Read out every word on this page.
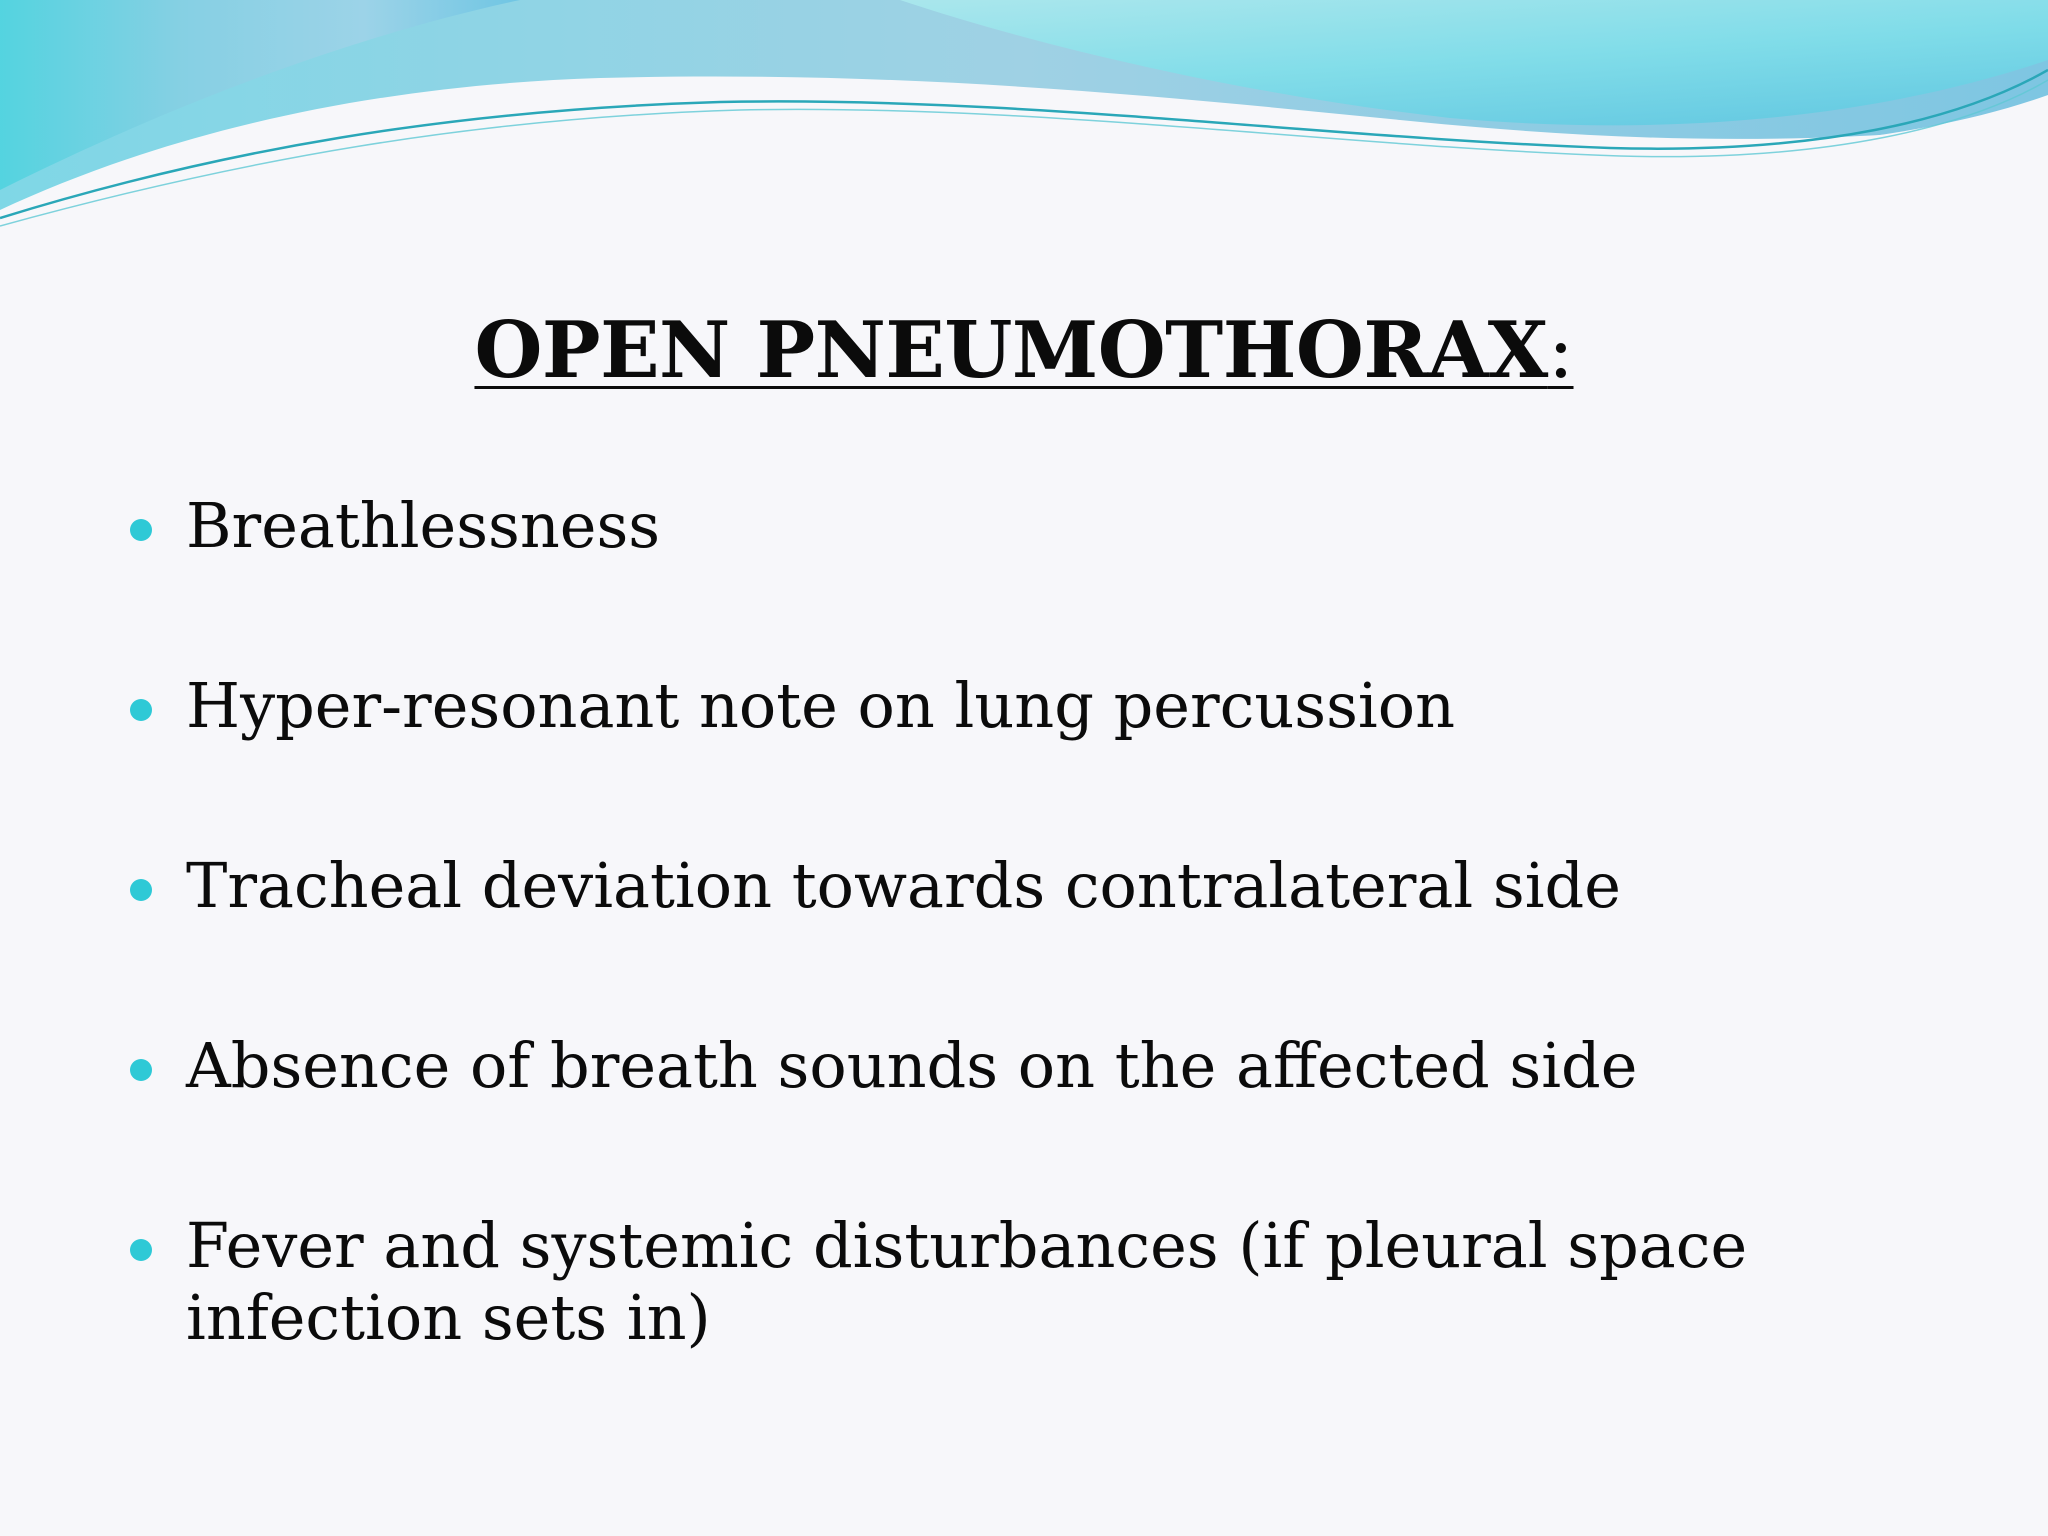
OPEN PNEUMOTHORAX:
Breathlessness
Hyper-resonant note on lung percussion
Tracheal deviation towards contralateral side
Absence of breath sounds on the affected side
Fever and systemic disturbances (if pleural space infection sets in)
